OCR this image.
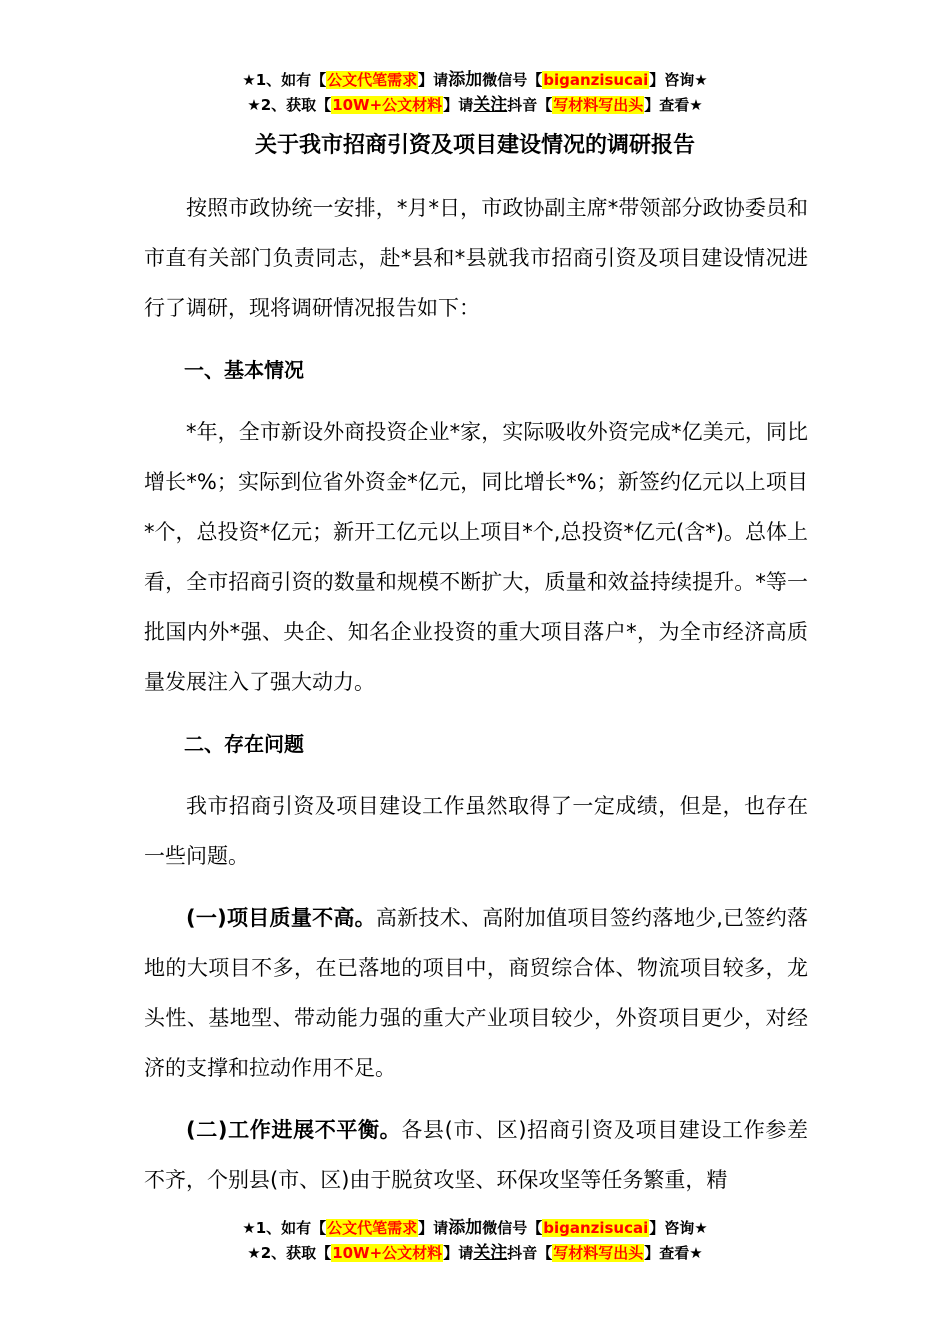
★1、如有【公文代笔需求】请添加微信号【biganzisucai】咨询★
★2、获取【10W+公文材料】请关注抖音【写材料写出头】查看★
关于我市招商引资及项目建设情况的调研报告

按照市政协统一安排，*月*日，市政协副主席*带领部分政协委员和市直有关部门负责同志，赴*县和*县就我市招商引资及项目建设情况进行了调研，现将调研情况报告如下：

一、基本情况

*年，全市新设外商投资企业*家，实际吸收外资完成*亿美元，同比增长*%；实际到位省外资金*亿元，同比增长*%；新签约亿元以上项目*个，总投资*亿元；新开工亿元以上项目*个,总投资*亿元(含*)。总体上看，全市招商引资的数量和规模不断扩大，质量和效益持续提升。*等一批国内外*强、央企、知名企业投资的重大项目落户*，为全市经济高质量发展注入了强大动力。

二、存在问题

我市招商引资及项目建设工作虽然取得了一定成绩，但是，也存在一些问题。

(一)项目质量不高。高新技术、高附加值项目签约落地少,已签约落地的大项目不多，在已落地的项目中，商贸综合体、物流项目较多，龙头性、基地型、带动能力强的重大产业项目较少，外资项目更少，对经济的支撑和拉动作用不足。

(二)工作进展不平衡。各县(市、区)招商引资及项目建设工作参差不齐，个别县(市、区)由于脱贫攻坚、环保攻坚等任务繁重，精

★1、如有【公文代笔需求】请添加微信号【biganzisucai】咨询★
★2、获取【10W+公文材料】请关注抖音【写材料写出头】查看★
